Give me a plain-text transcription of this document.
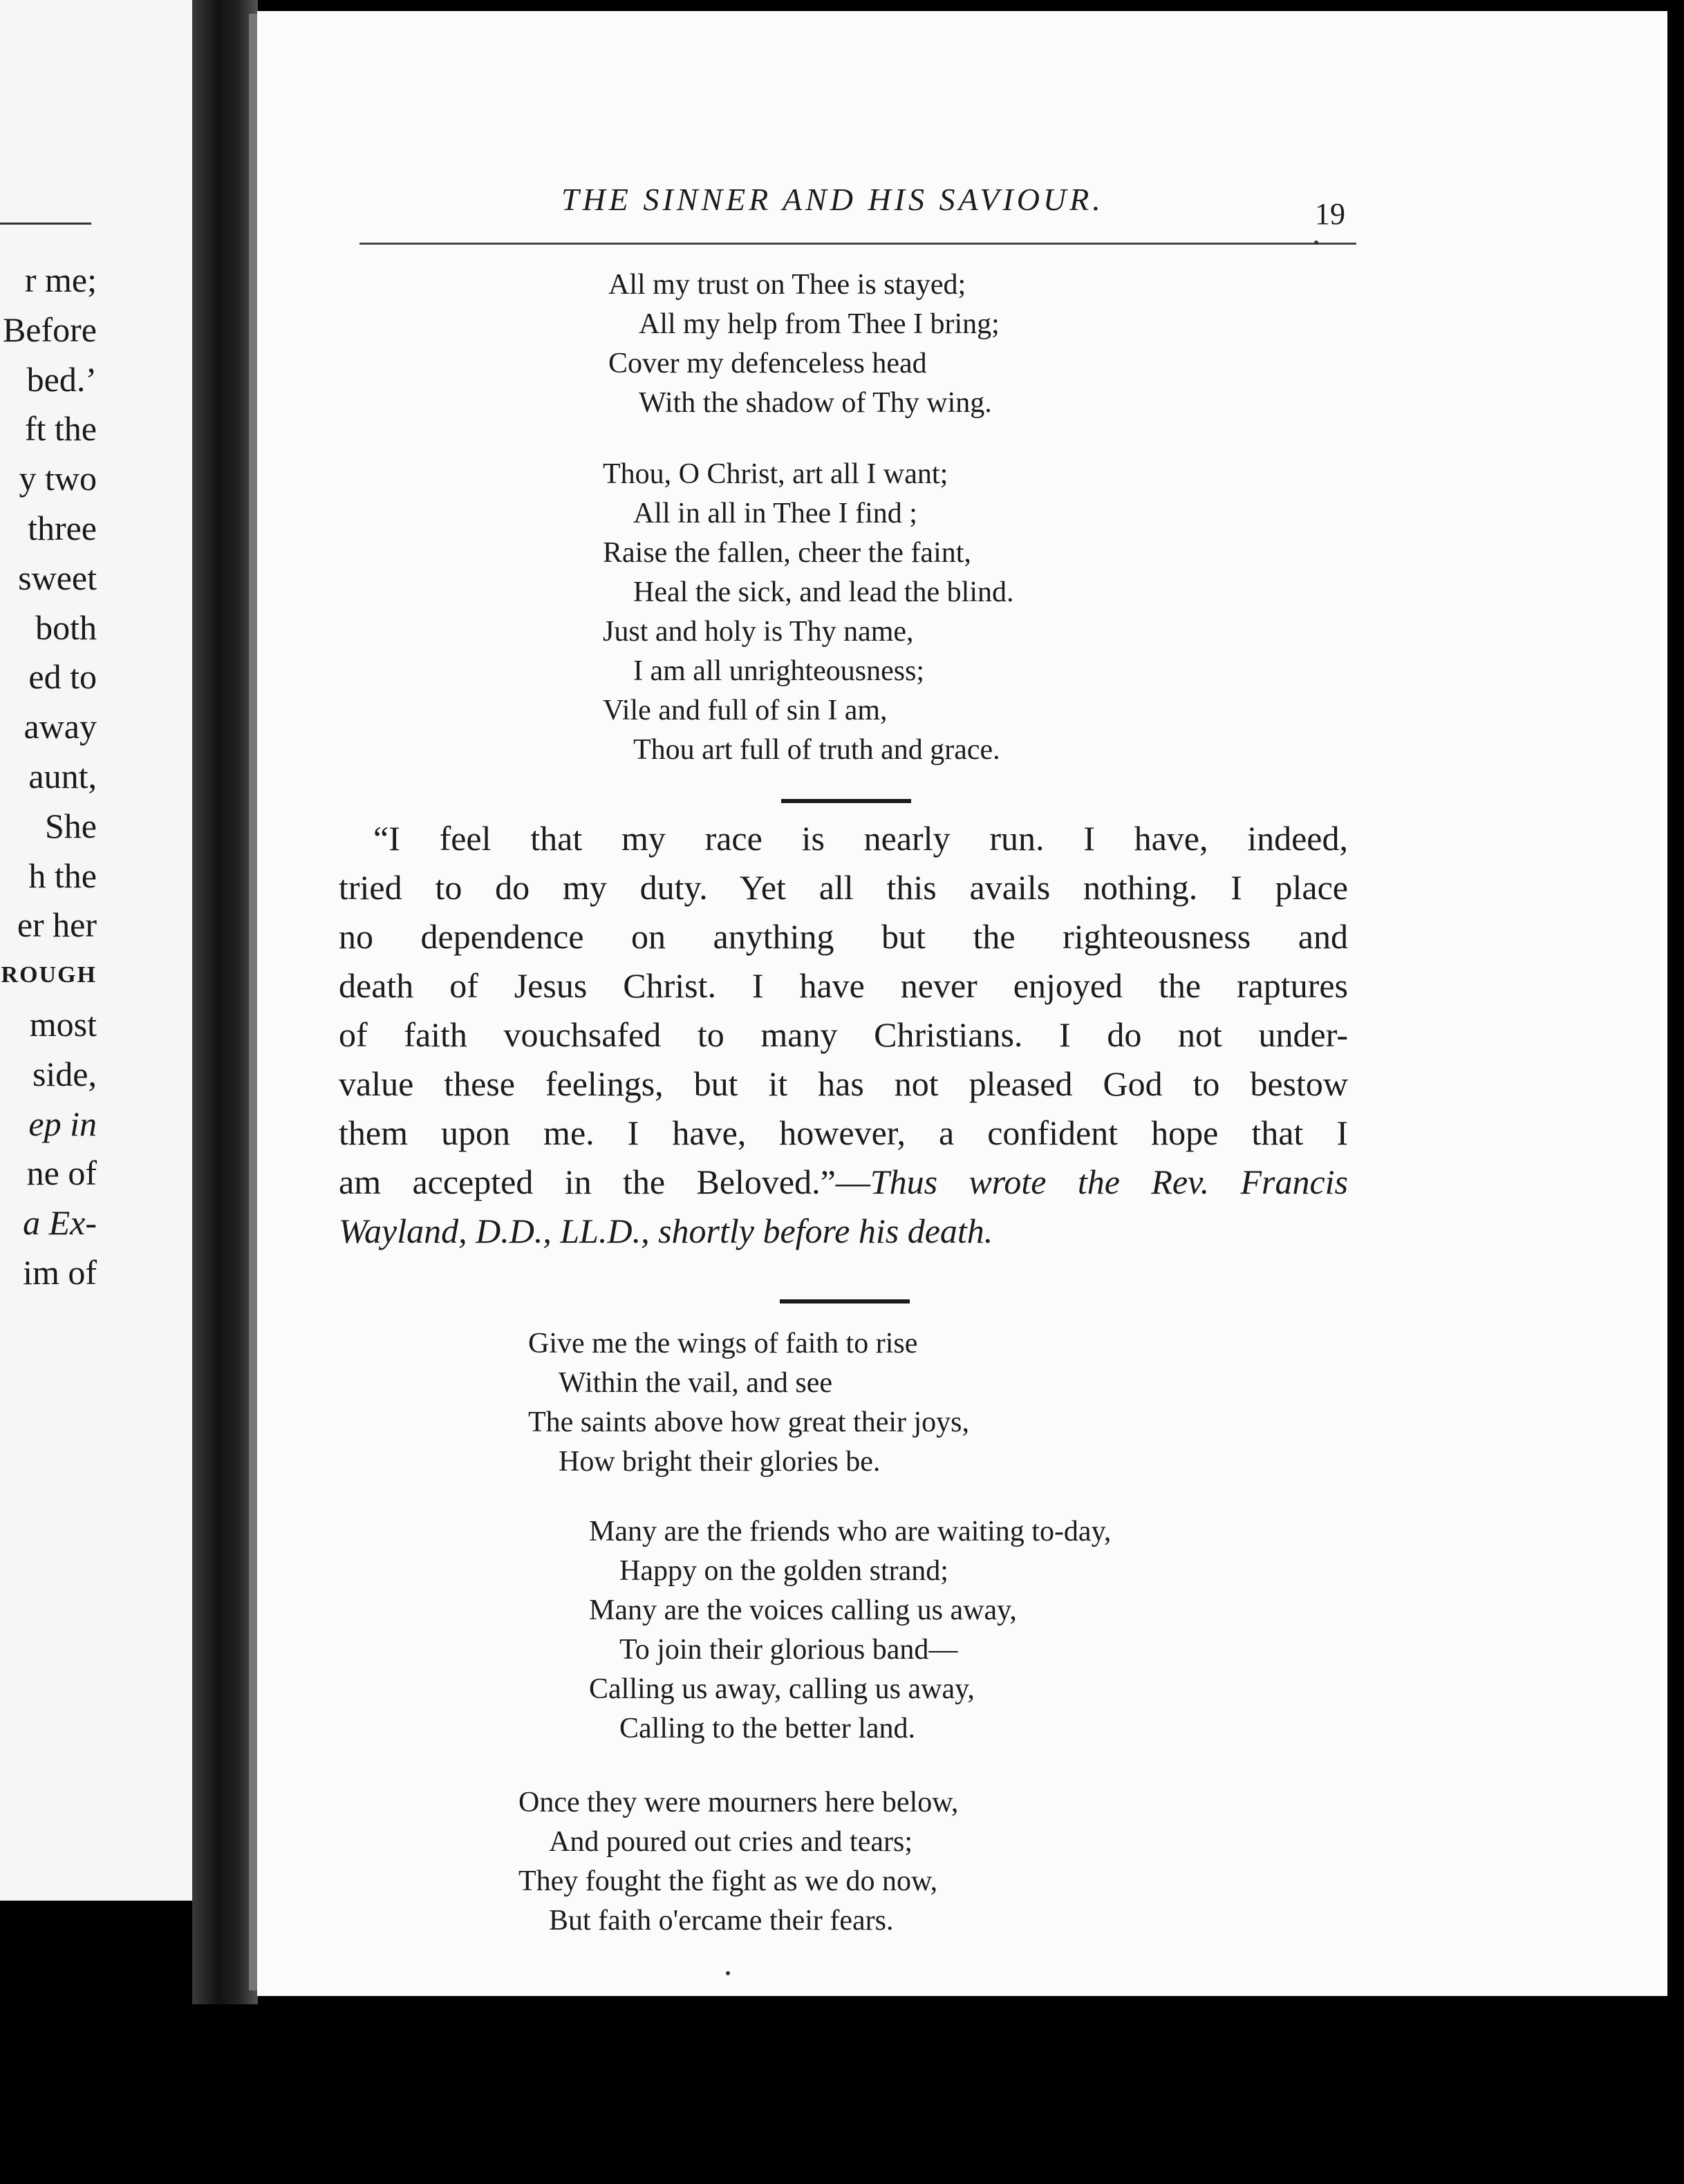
r me;
Before
bed.’
ft the
y two
three
sweet
both
ed to
away
aunt,
She
h the
er her
ROUGH
most
side,
ep in
ne of
a Ex-
im of
THE SINNER AND HIS SAVIOUR.	19
All my trust on Thee is stayed;
All my help from Thee I bring;
Cover my defenceless head
With the shadow of Thy wing.
Thou, O Christ, art all I want;
All in all in Thee I find ;
Raise the fallen, cheer the faint,
Heal the sick, and lead the blind.
Just and holy is Thy name,
I am all unrighteousness;
Vile and full of sin I am,
Thou art full of truth and grace.
“I feel that my race is nearly run. I have, indeed,
tried to do my duty. Yet all this avails nothing. I place
no dependence on anything but the righteousness and
death of Jesus Christ. I have never enjoyed the raptures
of faith vouchsafed to many Christians. I do not under-
value these feelings, but it has not pleased God to bestow
them upon me. I have, however, a confident hope that I
am accepted in the Beloved.”—Thus wrote the Rev. Francis
Wayland, D.D., LL.D., shortly before his death.
Give me the wings of faith to rise
Within the vail, and see
The saints above how great their joys,
How bright their glories be.
Many are the friends who are waiting to-day,
Happy on the golden strand;
Many are the voices calling us away,
To join their glorious band—
Calling us away, calling us away,
Calling to the better land.
Once they were mourners here below,
And poured out cries and tears;
They fought the fight as we do now,
But faith o'ercame their fears.
